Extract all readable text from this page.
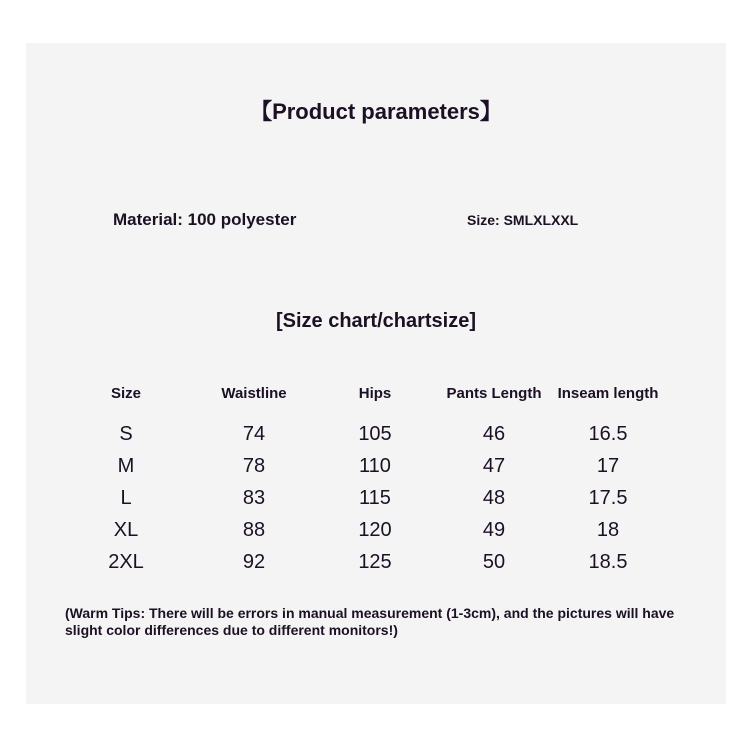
【Product parameters】
Material: 100 polyester	Size: SMLXLXXL
[Size chart/chartsize]
Size	Waistline	Hips	Pants Length	Inseam length
S	74	105	46	16.5
M	78	110	47	17
L	83	115	48	17.5
XL	88	120	49	18
2XL	92	125	50	18.5
(Warm Tips: There will be errors in manual measurement (1-3cm), and the pictures will have slight color differences due to different monitors!)
